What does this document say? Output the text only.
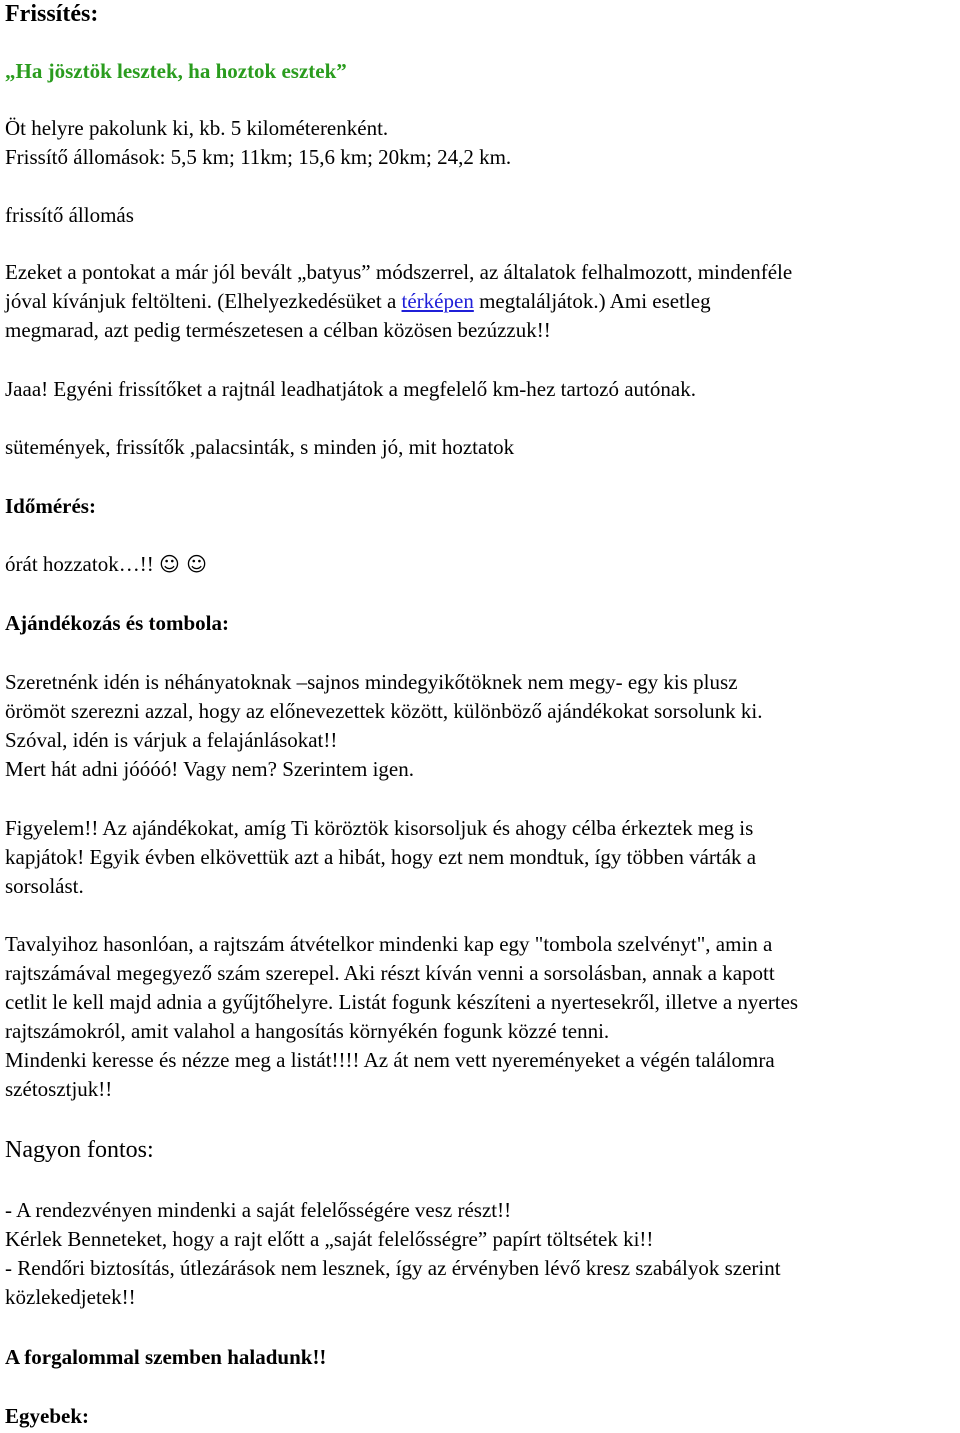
Frissítés:
„Ha jösztök lesztek, ha hoztok esztek”
Öt helyre pakolunk ki, kb. 5 kilométerenként.
Frissítő állomások: 5,5 km; 11km; 15,6 km; 20km; 24,2 km.
frissítő állomás
Ezeket a pontokat a már jól bevált „batyus” módszerrel, az általatok felhalmozott, mindenféle
jóval kívánjuk feltölteni. (Elhelyezkedésüket a térképen megtaláljátok.) Ami esetleg
megmarad, azt pedig természetesen a célban közösen bezúzzuk!!
Jaaa! Egyéni frissítőket a rajtnál leadhatjátok a megfelelő km-hez tartozó autónak.
sütemények, frissítők ,palacsinták, s minden jó, mit hoztatok
Időmérés:
órát hozzatok…!! ☺ ☺
Ajándékozás és tombola:
Szeretnénk idén is néhányatoknak –sajnos mindegyikőtöknek nem megy- egy kis plusz
örömöt szerezni azzal, hogy az előnevezettek között, különböző ajándékokat sorsolunk ki.
Szóval, idén is várjuk a felajánlásokat!!
Mert hát adni jóóóó! Vagy nem? Szerintem igen.
Figyelem!! Az ajándékokat, amíg Ti köröztök kisorsoljuk és ahogy célba érkeztek meg is
kapjátok! Egyik évben elkövettük azt a hibát, hogy ezt nem mondtuk, így többen várták a
sorsolást.
Tavalyihoz hasonlóan, a rajtszám átvételkor mindenki kap egy "tombola szelvényt", amin a
rajtszámával megegyező szám szerepel. Aki részt kíván venni a sorsolásban, annak a kapott
cetlit le kell majd adnia a gyűjtőhelyre. Listát fogunk készíteni a nyertesekről, illetve a nyertes
rajtszámokról, amit valahol a hangosítás környékén fogunk közzé tenni.
Mindenki keresse és nézze meg a listát!!!! Az át nem vett nyereményeket a végén találomra
szétosztjuk!!
Nagyon fontos:
- A rendezvényen mindenki a saját felelősségére vesz részt!!
Kérlek Benneteket, hogy a rajt előtt a „saját felelősségre” papírt töltsétek ki!!
- Rendőri biztosítás, útlezárások nem lesznek, így az érvényben lévő kresz szabályok szerint
közlekedjetek!!
A forgalommal szemben haladunk!!
Egyebek:
